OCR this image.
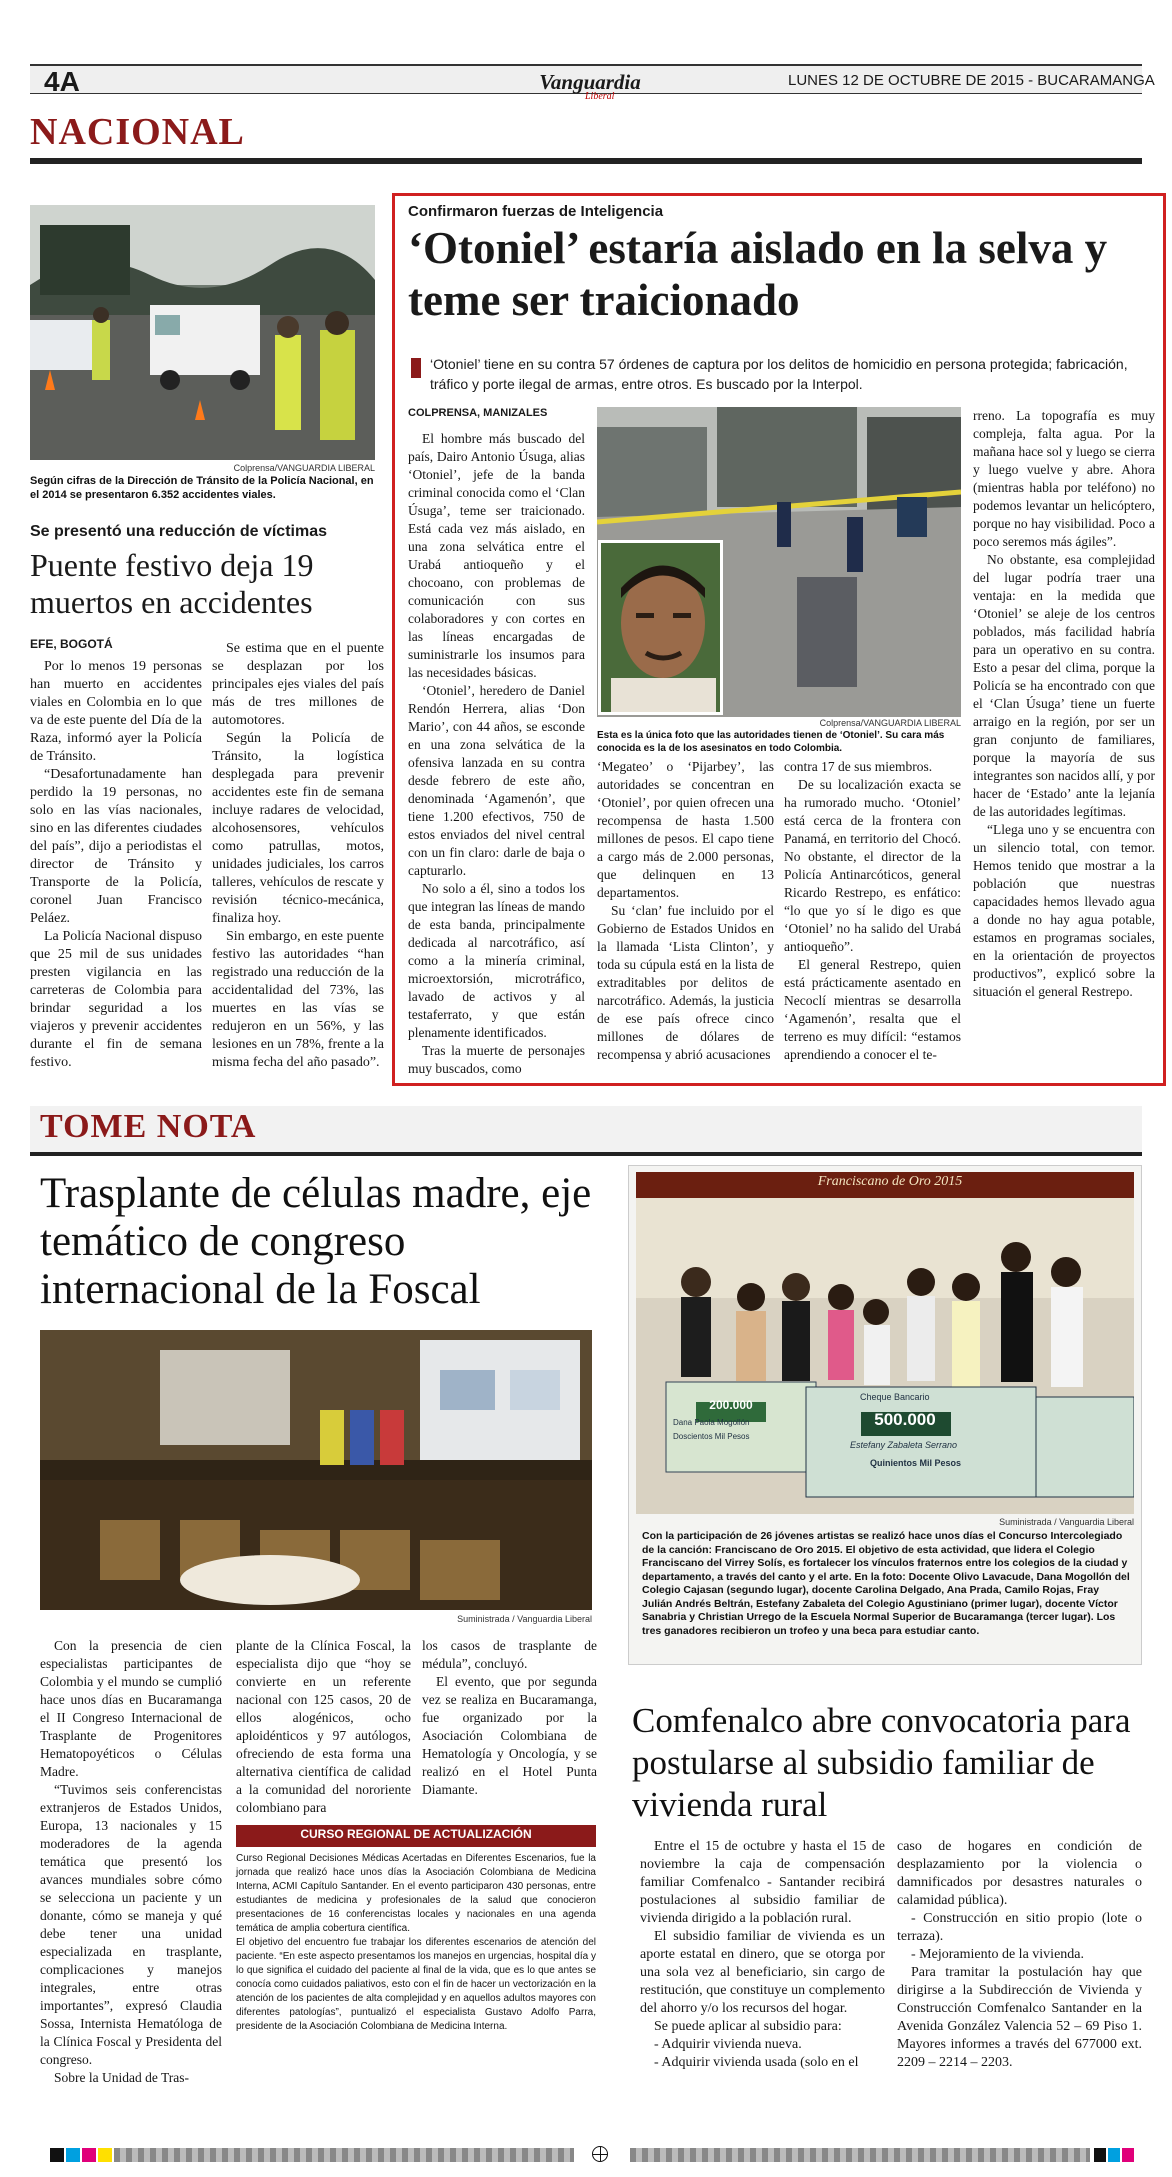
4A	Vanguardia
Liberal
LUNES 12 DE OCTUBRE DE 2015 - BUCARAMANGA
NACIONAL
Colprensa/VANGUARDIA LIBERAL
Según cifras de la Dirección de Tránsito de la Policía Nacional, en el 2014 se presentaron 6.352 accidentes viales.
Se presentó una reducción de víctimas
Puente festivo deja 19 muertos en accidentes
EFE, BOGOTÁ

Por lo menos 19 personas han muerto en accidentes viales en Colombia en lo que va de este puente del Día de la Raza, informó ayer la Policía de Tránsito.

“Desafortunadamente han perdido la 19 personas, no solo en las vías nacionales, sino en las diferentes ciudades del país”, dijo a periodistas el director de Tránsito y Transporte de la Policía, coronel Juan Francisco Peláez.

La Policía Nacional dispuso que 25 mil de sus unidades presten vigilancia en las carreteras de Colombia para brindar seguridad a los viajeros y prevenir accidentes durante el fin de semana festivo.

Se estima que en el puente se desplazan por los principales ejes viales del país más de tres millones de automotores.

Según la Policía de Tránsito, la logística desplegada para prevenir accidentes este fin de semana incluye radares de velocidad, alcohosensores, vehículos como patrullas, motos, unidades judiciales, los carros talleres, vehículos de rescate y revisión técnico-mecánica, finaliza hoy.

Sin embargo, en este puente festivo las autoridades “han registrado una reducción de la accidentalidad del 73%, las muertes en las vías se redujeron en un 56%, y las lesiones en un 78%, frente a la misma fecha del año pasado”.

Confirmaron fuerzas de Inteligencia
‘Otoniel’ estaría aislado en la selva y teme ser traicionado
‘Otoniel’ tiene en su contra 57 órdenes de captura por los delitos de homicidio en persona protegida; fabricación, tráfico y porte ilegal de armas, entre otros. Es buscado por la Interpol.
COLPRENSA, MANIZALES
Colprensa/VANGUARDIA LIBERAL
Esta es la única foto que las autoridades tienen de ‘Otoniel’. Su cara más conocida es la de los asesinatos en todo Colombia.

El hombre más buscado del país, Dairo Antonio Úsuga, alias ‘Otoniel’, jefe de la banda criminal conocida como el ‘Clan Úsuga’, teme ser traicionado. Está cada vez más aislado, en una zona selvática entre el Urabá antioqueño y el chocoano, con problemas de comunicación con sus colaboradores y con cortes en las líneas encargadas de suministrarle los insumos para las necesidades básicas.

‘Otoniel’, heredero de Daniel Rendón Herrera, alias ‘Don Mario’, con 44 años, se esconde en una zona selvática de la ofensiva lanzada en su contra desde febrero de este año, denominada ‘Agamenón’, que tiene 1.200 efectivos, 750 de estos enviados del nivel central con un fin claro: darle de baja o capturarlo.

No solo a él, sino a todos los que integran las líneas de mando de esta banda, principalmente dedicada al narcotráfico, así como a la minería criminal, microextorsión, microtráfico, lavado de activos y al testaferrato, y que están plenamente identificados.

Tras la muerte de personajes muy buscados, como

‘Megateo’ o ‘Pijarbey’, las autoridades se concentran en ‘Otoniel’, por quien ofrecen una recompensa de hasta 1.500 millones de pesos. El capo tiene a cargo más de 2.000 personas, que delinquen en 13 departamentos.

Su ‘clan’ fue incluido por el Gobierno de Estados Unidos en la llamada ‘Lista Clinton’, y toda su cúpula está en la lista de extraditables por delitos de narcotráfico. Además, la justicia de ese país ofrece cinco millones de dólares de recompensa y abrió acusaciones

contra 17 de sus miembros.

De su localización exacta se ha rumorado mucho. ‘Otoniel’ está cerca de la frontera con Panamá, en territorio del Chocó. No obstante, el director de la Policía Antinarcóticos, general Ricardo Restrepo, es enfático: “lo que yo sí le digo es que ‘Otoniel’ no ha salido del Urabá antioqueño”.

El general Restrepo, quien está prácticamente asentado en Necoclí mientras se desarrolla ‘Agamenón’, resalta que el terreno es muy difícil: “estamos aprendiendo a conocer el te-

rreno. La topografía es muy compleja, falta agua. Por la mañana hace sol y luego se cierra y luego vuelve y abre. Ahora (mientras habla por teléfono) no podemos levantar un helicóptero, porque no hay visibilidad. Poco a poco seremos más ágiles”.

No obstante, esa complejidad del lugar podría traer una ventaja: en la medida que ‘Otoniel’ se aleje de los centros poblados, más facilidad habría para un operativo en su contra. Esto a pesar del clima, porque la Policía se ha encontrado con que el ‘Clan Úsuga’ tiene un fuerte arraigo en la región, por ser un gran conjunto de familiares, porque la mayoría de sus integrantes son nacidos allí, y por hacer de ‘Estado’ ante la lejanía de las autoridades legítimas.

“Llega uno y se encuentra con un silencio total, con temor. Hemos tenido que mostrar a la población que nuestras capacidades hemos llevado agua a donde no hay agua potable, estamos en programas sociales, en la orientación de proyectos productivos”, explicó sobre la situación el general Restrepo.

TOME NOTA
Trasplante de células madre, eje temático de congreso internacional de la Foscal
Suministrada / Vanguardia Liberal

Con la presencia de cien especialistas participantes de Colombia y el mundo se cumplió hace unos días en Bucaramanga el II Congreso Internacional de Trasplante de Progenitores Hematopoyéticos o Células Madre.

“Tuvimos seis conferencistas extranjeros de Estados Unidos, Europa, 13 nacionales y 15 moderadores de la agenda temática que presentó los avances mundiales sobre cómo se selecciona un paciente y un donante, cómo se maneja y qué debe tener una unidad especializada en trasplante, complicaciones y manejos integrales, entre otras importantes”, expresó Claudia Sossa, Internista Hematóloga de la Clínica Foscal y Presidenta del congreso.

Sobre la Unidad de Tras-

plante de la Clínica Foscal, la especialista dijo que “hoy se convierte en un referente nacional con 125 casos, 20 de ellos alogénicos, ocho aploidénticos y 97 autólogos, ofreciendo de esta forma una alternativa científica de calidad a la comunidad del nororiente colombiano para

los casos de trasplante de médula”, concluyó.

El evento, que por segunda vez se realiza en Bucaramanga, fue organizado por la Asociación Colombiana de Hematología y Oncología, y se realizó en el Hotel Punta Diamante.

CURSO REGIONAL DE ACTUALIZACIÓN

Curso Regional Decisiones Médicas Acertadas en Diferentes Escenarios, fue la jornada que realizó hace unos días la Asociación Colombiana de Medicina Interna, ACMI Capítulo Santander. En el evento participaron 430 personas, entre estudiantes de medicina y profesionales de la salud que conocieron presentaciones de 16 conferencistas locales y nacionales en una agenda temática de amplia cobertura científica.

El objetivo del encuentro fue trabajar los diferentes escenarios de atención del paciente. “En este aspecto presentamos los manejos en urgencias, hospital día y lo que significa el cuidado del paciente al final de la vida, que es lo que antes se conocía como cuidados paliativos, esto con el fin de hacer un vectorización en la atención de los pacientes de alta complejidad y en aquellos adultos mayores con diferentes patologías”, puntualizó el especialista Gustavo Adolfo Parra, presidente de la Asociación Colombiana de Medicina Interna.

Franciscano de Oro 2015
200.000
Dana Paola Mogollón
Doscientos Mil Pesos
Cheque Bancario
500.000
Estefany Zabaleta Serrano
Quinientos Mil Pesos
Suministrada / Vanguardia Liberal
Con la participación de 26 jóvenes artistas se realizó hace unos días el Concurso Intercolegiado de la canción: Franciscano de Oro 2015. El objetivo de esta actividad, que lidera el Colegio Franciscano del Virrey Solís, es fortalecer los vínculos fraternos entre los colegios de la ciudad y departamento, a través del canto y el arte. En la foto: Docente Olivo Lavacude, Dana Mogollón del Colegio Cajasan (segundo lugar), docente Carolina Delgado, Ana Prada, Camilo Rojas, Fray Julián Andrés Beltrán, Estefany Zabaleta del Colegio Agustiniano (primer lugar), docente Víctor Sanabria y Christian Urrego de la Escuela Normal Superior de Bucaramanga (tercer lugar). Los tres ganadores recibieron un trofeo y una beca para estudiar canto.
Comfenalco abre convocatoria para postularse al subsidio familiar de vivienda rural

Entre el 15 de octubre y hasta el 15 de noviembre la caja de compensación familiar Comfenalco - Santander recibirá postulaciones al subsidio familiar de vivienda dirigido a la población rural.

El subsidio familiar de vivienda es un aporte estatal en dinero, que se otorga por una sola vez al beneficiario, sin cargo de restitución, que constituye un complemento del ahorro y/o los recursos del hogar.

Se puede aplicar al subsidio para:

- Adquirir vivienda nueva.

- Adquirir vivienda usada (solo en el

caso de hogares en condición de desplazamiento por la violencia o damnificados por desastres naturales o calamidad pública).

- Construcción en sitio propio (lote o terraza).

- Mejoramiento de la vivienda.

Para tramitar la postulación hay que dirigirse a la Subdirección de Vivienda y Construcción Comfenalco Santander en la Avenida González Valencia 52 – 69 Piso 1. Mayores informes a través del 677000 ext. 2209 – 2214 – 2203.
